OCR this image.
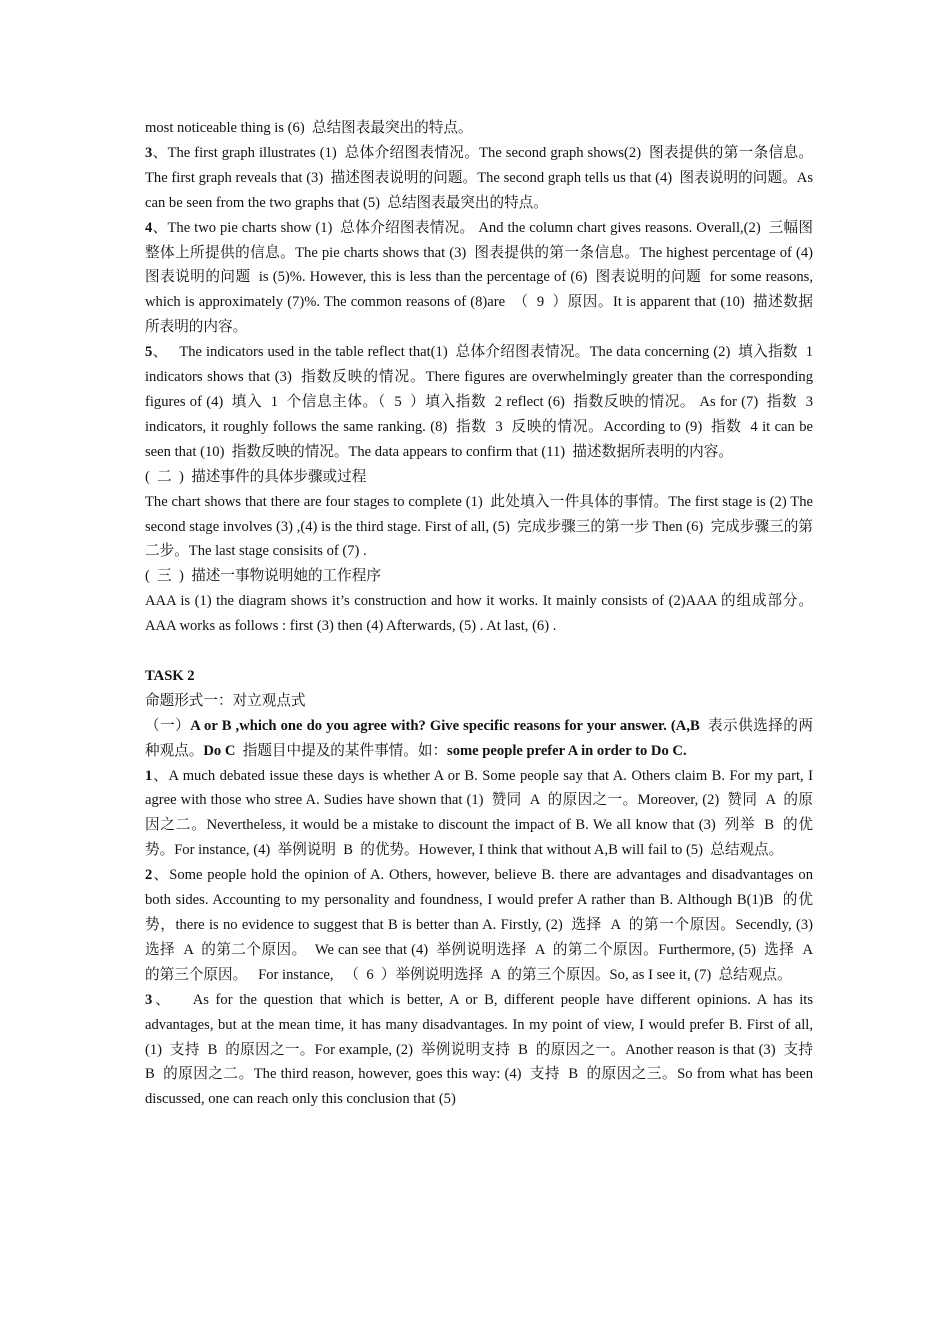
most noticeable thing is (6)  总结图表最突出的特点。

3、The first graph illustrates (1)  总体介绍图表情况。The second graph shows(2)  图表提供的第一条信息。The first graph reveals that (3)  描述图表说明的问题。The second graph tells us that (4)  图表说明的问题。As can be seen from the two graphs that (5)  总结图表最突出的特点。

4、The two pie charts show (1)  总体介绍图表情况。 And the column chart gives reasons. Overall,(2)  三幅图整体上所提供的信息。The pie charts shows that (3)  图表提供的第一条信息。The highest percentage of (4)  图表说明的问题  is (5)%. However, this is less than the percentage of (6)  图表说明的问题  for some reasons, which is approximately (7)%. The common reasons of (8)are  （  9  ）原因。It is apparent that (10)  描述数据所表明的内容。

5、   The indicators used in the table reflect that(1)  总体介绍图表情况。The data concerning (2)  填入指数  1 indicators shows that (3)  指数反映的情况。There figures are overwhelmingly greater than the corresponding figures of (4)  填入  1  个信息主体。（  5  ）填入指数  2 reflect (6)  指数反映的情况。 As for (7)  指数  3 indicators, it roughly follows the same ranking. (8)  指数  3  反映的情况。According to (9)  指数  4 it can be seen that (10)  指数反映的情况。The data appears to confirm that (11)  描述数据所表明的内容。

(  二  )  描述事件的具体步骤或过程

The chart shows that there are four stages to complete (1)  此处填入一件具体的事情。The first stage is (2) The second stage involves (3) ,(4) is the third stage. First of all, (5)  完成步骤三的第一步 Then (6)  完成步骤三的第二步。The last stage consisits of (7) .

(  三  )  描述一事物说明她的工作程序

AAA is (1) the diagram shows it’s construction and how it works. It mainly consists of (2)AAA 的组成部分。AAA works as follows : first (3) then (4) Afterwards, (5) . At last, (6) .

TASK 2

命题形式一：对立观点式

（一）A or B ,which one do you agree with? Give specific reasons for your answer. (A,B  表示供选择的两种观点。Do C  指题目中提及的某件事情。如：some people prefer A in order to Do C.

1、A much debated issue these days is whether A or B. Some people say that A. Others claim B. For my part, I agree with those who stree A. Sudies have shown that (1)  赞同  A  的原因之一。Moreover, (2)  赞同  A  的原因之二。Nevertheless, it would be a mistake to discount the impact of B. We all know that (3)  列举  B  的优势。For instance, (4)  举例说明  B  的优势。However, I think that without A,B will fail to (5)  总结观点。

2、Some people hold the opinion of A. Others, however, believe B. there are advantages and disadvantages on both sides. Accounting to my personality and foundness, I would prefer A rather than B. Although B(1)B  的优势，there is no evidence to suggest that B is better than A. Firstly, (2)  选择  A  的第一个原因。Secendly, (3)  选择  A  的第二个原因。  We can see that (4)  举例说明选择  A  的第二个原因。Furthermore, (5)  选择  A  的第三个原因。   For instance,   （  6  ）举例说明选择  A  的第三个原因。So, as I see it, (7)  总结观点。

3、   As for the question that which is better, A or B, different people have different opinions. A has its advantages, but at the mean time, it has many disadvantages. In my point of view, I would prefer B. First of all, (1)  支持  B  的原因之一。For example, (2)  举例说明支持  B  的原因之一。Another reason is that (3)  支持  B  的原因之二。The third reason, however, goes this way: (4)  支持  B  的原因之三。So from what has been discussed, one can reach only this conclusion that (5)
